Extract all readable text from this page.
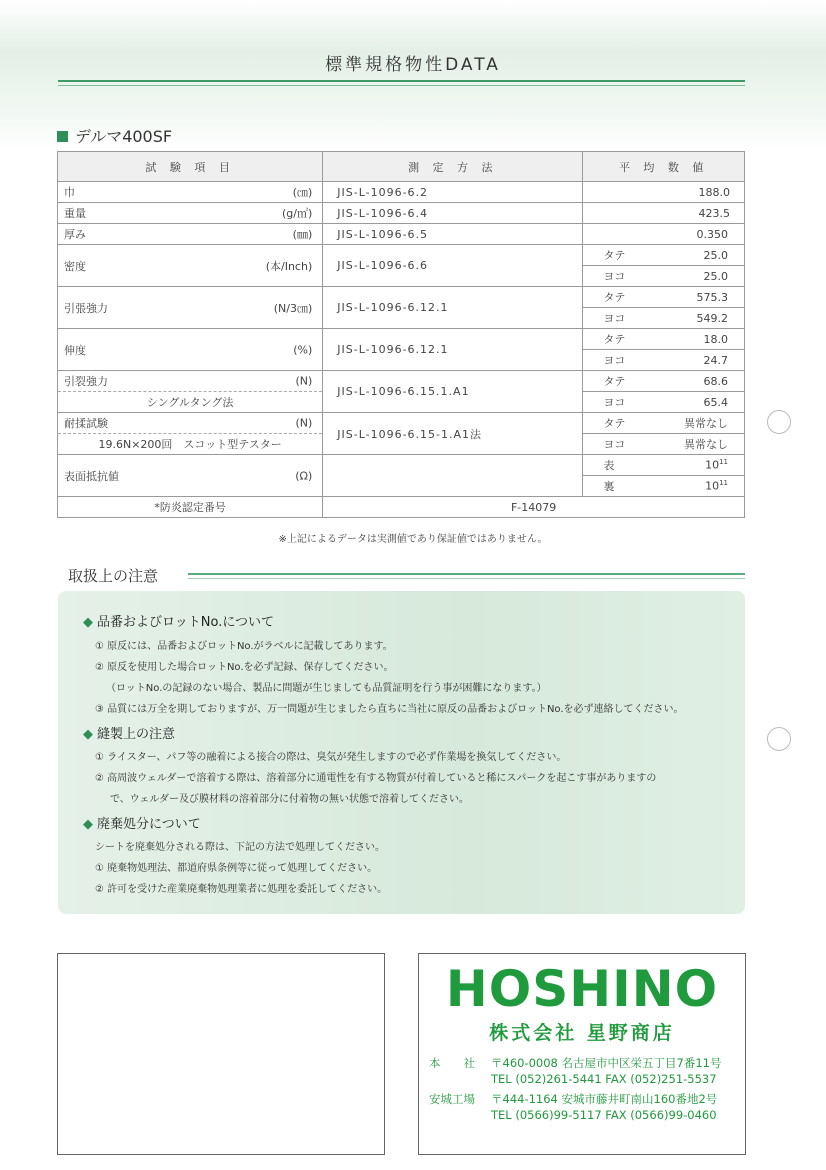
標準規格物性DATA
デルマ400SF
試 験 項 目	測 定 方 法	平 均 数 値	
巾 (㎝)	JIS-L-1096-6.2	188.0	
重量 (g/㎡)	JIS-L-1096-6.4	423.5	
厚み (㎜)	JIS-L-1096-6.5	0.350	
密度 (本/Inch)	JIS-L-1096-6.6	タテ	25.0
		ヨコ	25.0
引張強力 (N/3㎝)	JIS-L-1096-6.12.1	タテ	575.3
		ヨコ	549.2
伸度 (%)	JIS-L-1096-6.12.1	タテ	18.0
		ヨコ	24.7
引裂強力 (N)	JIS-L-1096-6.15.1.A1	タテ	68.6
シングルタング法		ヨコ	65.4
耐揉試験 (N)	JIS-L-1096-6.15-1.A1法	タテ	異常なし
19.6N×200回　スコット型テスター		ヨコ	異常なし
表面抵抗値 (Ω)		表	$10^{11}$
		裏	$10^{11}$
*防炎認定番号	F-14079		
※上記によるデータは実測値であり保証値ではありません。
取扱上の注意
◆ 品番およびロットNo.について
① 原反には、品番およびロットNo.がラベルに記載してあります。
② 原反を使用した場合ロットNo.を必ず記録、保存してください。
（ロットNo.の記録のない場合、製品に問題が生じましても品質証明を行う事が困難になります。）
③ 品質には万全を期しておりますが、万一問題が生じましたら直ちに当社に原反の品番およびロットNo.を必ず連絡してください。
◆ 縫製上の注意
① ライスター、パフ等の融着による接合の際は、臭気が発生しますので必ず作業場を換気してください。
② 高周波ウェルダーで溶着する際は、溶着部分に通電性を有する物質が付着していると稀にスパークを起こす事がありますの
で、ウェルダー及び膜材料の溶着部分に付着物の無い状態で溶着してください。
◆ 廃棄処分について
シートを廃棄処分される際は、下記の方法で処理してください。
① 廃棄物処理法、都道府県条例等に従って処理してください。
② 許可を受けた産業廃棄物処理業者に処理を委託してください。
HOSHINO
株式会社 星野商店
本　　社 〒460-0008 名古屋市中区栄五丁目7番11号
TEL (052)261-5441 FAX (052)251-5537
安城工場 〒444-1164 安城市藤井町南山160番地2号
TEL (0566)99-5117 FAX (0566)99-0460
